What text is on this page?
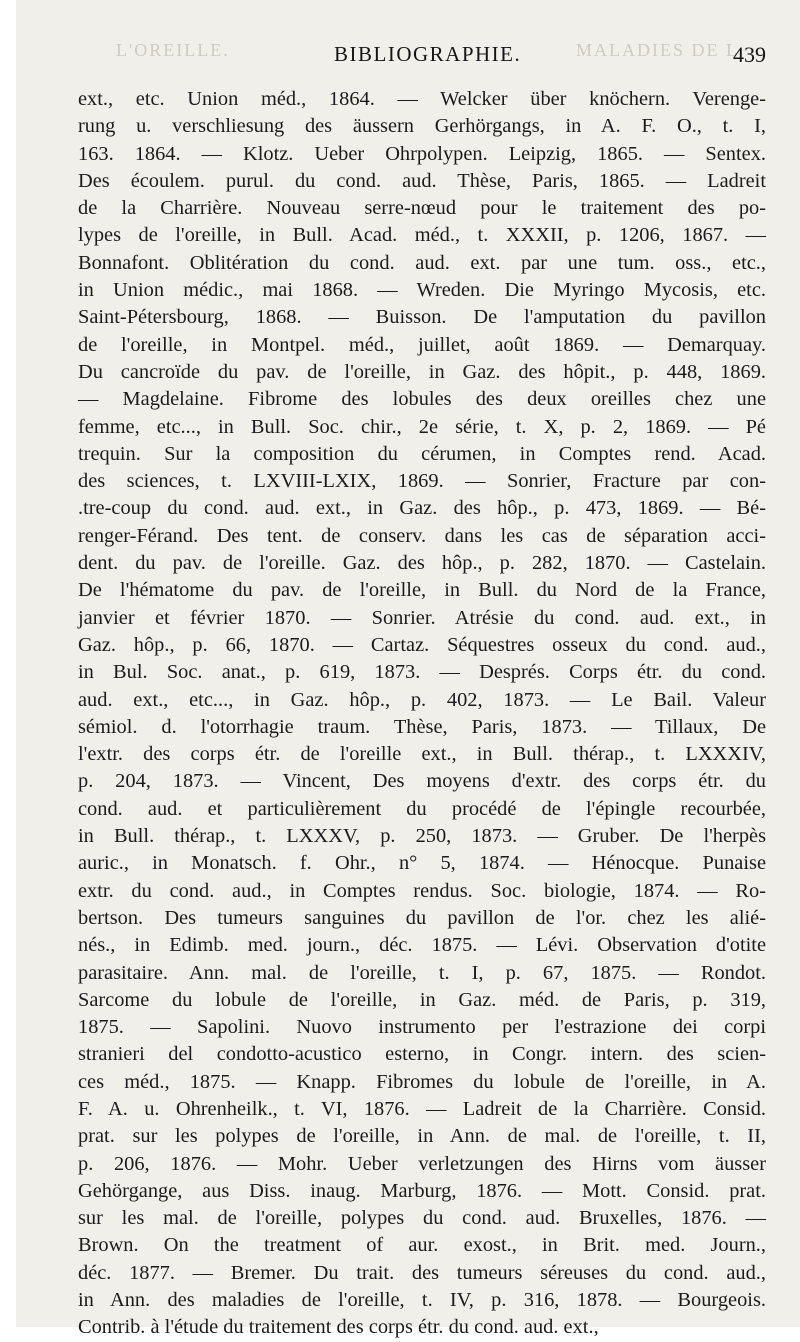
L'OREILLE.	MALADIES DE L
BIBLIOGRAPHIE.	439
ext., etc. Union méd., 1864. — Welcker über knöchern. Verenge-
rung u. verschliesung des äussern Gerhörgangs, in A. F. O., t. I,
163. 1864. — Klotz. Ueber Ohrpolypen. Leipzig, 1865. — Sentex.
Des écoulem. purul. du cond. aud. Thèse, Paris, 1865. — Ladreit
de la Charrière. Nouveau serre-nœud pour le traitement des po-
lypes de l'oreille, in Bull. Acad. méd., t. XXXII, p. 1206, 1867. —
Bonnafont. Oblitération du cond. aud. ext. par une tum. oss., etc.,
in Union médic., mai 1868. — Wreden. Die Myringo Mycosis, etc.
Saint-Pétersbourg, 1868. — Buisson. De l'amputation du pavillon
de l'oreille, in Montpel. méd., juillet, août 1869. — Demarquay.
Du cancroïde du pav. de l'oreille, in Gaz. des hôpit., p. 448, 1869.
— Magdelaine. Fibrome des lobules des deux oreilles chez une
femme, etc..., in Bull. Soc. chir., 2e série, t. X, p. 2, 1869. — Pé
trequin. Sur la composition du cérumen, in Comptes rend. Acad.
des sciences, t. LXVIII-LXIX, 1869. — Sonrier, Fracture par con-
.tre-coup du cond. aud. ext., in Gaz. des hôp., p. 473, 1869. — Bé-
renger-Férand. Des tent. de conserv. dans les cas de séparation acci-
dent. du pav. de l'oreille. Gaz. des hôp., p. 282, 1870. — Castelain.
De l'hématome du pav. de l'oreille, in Bull. du Nord de la France,
janvier et février 1870. — Sonrier. Atrésie du cond. aud. ext., in
Gaz. hôp., p. 66, 1870. — Cartaz. Séquestres osseux du cond. aud.,
in Bul. Soc. anat., p. 619, 1873. — Després. Corps étr. du cond.
aud. ext., etc..., in Gaz. hôp., p. 402, 1873. — Le Bail. Valeur
sémiol. d. l'otorrhagie traum. Thèse, Paris, 1873. — Tillaux, De
l'extr. des corps étr. de l'oreille ext., in Bull. thérap., t. LXXXIV,
p. 204, 1873. — Vincent, Des moyens d'extr. des corps étr. du
cond. aud. et particulièrement du procédé de l'épingle recourbée,
in Bull. thérap., t. LXXXV, p. 250, 1873. — Gruber. De l'herpès
auric., in Monatsch. f. Ohr., n° 5, 1874. — Hénocque. Punaise
extr. du cond. aud., in Comptes rendus. Soc. biologie, 1874. — Ro-
bertson. Des tumeurs sanguines du pavillon de l'or. chez les alié-
nés., in Edimb. med. journ., déc. 1875. — Lévi. Observation d'otite
parasitaire. Ann. mal. de l'oreille, t. I, p. 67, 1875. — Rondot.
Sarcome du lobule de l'oreille, in Gaz. méd. de Paris, p. 319,
1875. — Sapolini. Nuovo instrumento per l'estrazione dei corpi
stranieri del condotto-acustico esterno, in Congr. intern. des scien-
ces méd., 1875. — Knapp. Fibromes du lobule de l'oreille, in A.
F. A. u. Ohrenheilk., t. VI, 1876. — Ladreit de la Charrière. Consid.
prat. sur les polypes de l'oreille, in Ann. de mal. de l'oreille, t. II,
p. 206, 1876. — Mohr. Ueber verletzungen des Hirns vom äusser
Gehörgange, aus Diss. inaug. Marburg, 1876. — Mott. Consid. prat.
sur les mal. de l'oreille, polypes du cond. aud. Bruxelles, 1876. —
Brown. On the treatment of aur. exost., in Brit. med. Journ.,
déc. 1877. — Bremer. Du trait. des tumeurs séreuses du cond. aud.,
in Ann. des maladies de l'oreille, t. IV, p. 316, 1878. — Bourgeois.
Contrib. à l'étude du traitement des corps étr. du cond. aud. ext.,
